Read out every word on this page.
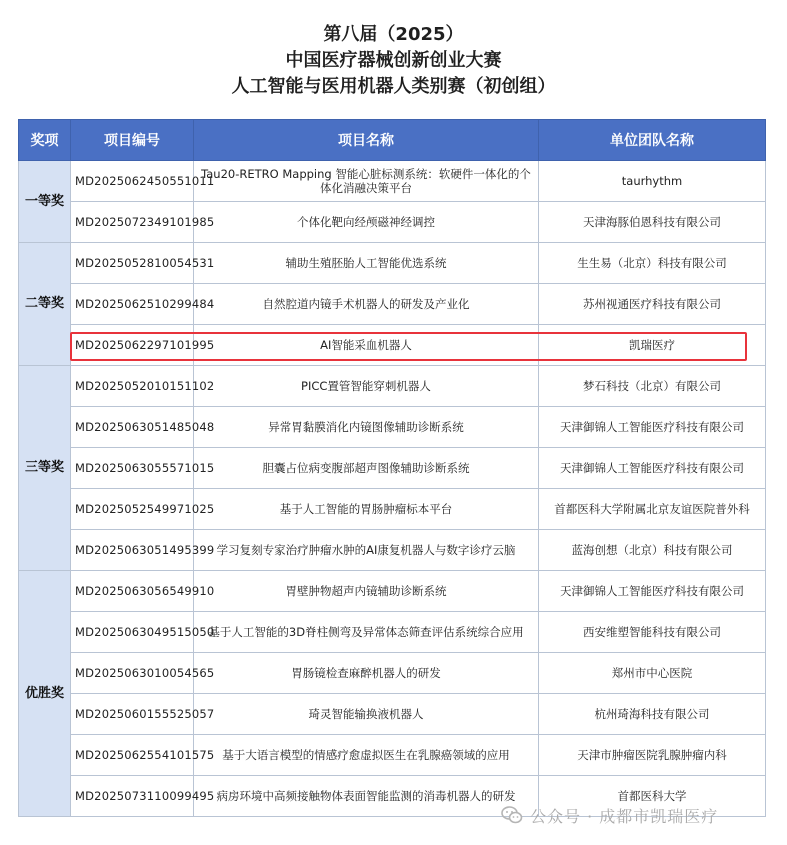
第八届（2025）
中国医疗器械创新创业大赛
人工智能与医用机器人类别赛（初创组）
奖项	项目编号	项目名称	单位团队名称
一等奖	MD2025062450551011	Tau20-RETRO Mapping 智能心脏标测系统：软硬件一体化的个体化消融决策平台	taurhythm
	MD2025072349101985	个体化靶向经颅磁神经调控	天津海豚伯恩科技有限公司
二等奖	MD2025052810054531	辅助生殖胚胎人工智能优选系统	生生易（北京）科技有限公司
	MD2025062510299484	自然腔道内镜手术机器人的研发及产业化	苏州视通医疗科技有限公司
	MD2025062297101995	AI智能采血机器人	凯瑞医疗
三等奖	MD2025052010151102	PICC置管智能穿刺机器人	梦石科技（北京）有限公司
	MD2025063051485048	异常胃黏膜消化内镜图像辅助诊断系统	天津御锦人工智能医疗科技有限公司
	MD2025063055571015	胆囊占位病变腹部超声图像辅助诊断系统	天津御锦人工智能医疗科技有限公司
	MD2025052549971025	基于人工智能的胃肠肿瘤标本平台	首都医科大学附属北京友谊医院普外科
	MD2025063051495399	学习复刻专家治疗肿瘤水肿的AI康复机器人与数字诊疗云脑	蓝海创想（北京）科技有限公司
优胜奖	MD2025063056549910	胃壁肿物超声内镜辅助诊断系统	天津御锦人工智能医疗科技有限公司
	MD2025063049515050	基于人工智能的3D脊柱侧弯及异常体态筛查评估系统综合应用	西安维塑智能科技有限公司
	MD2025063010054565	胃肠镜检查麻醉机器人的研发	郑州市中心医院
	MD2025060155525057	琦灵智能输换液机器人	杭州琦海科技有限公司
	MD2025062554101575	基于大语言模型的情感疗愈虚拟医生在乳腺癌领域的应用	天津市肿瘤医院乳腺肿瘤内科
	MD2025073110099495	病房环境中高频接触物体表面智能监测的消毒机器人的研发	首都医科大学
公众号 · 成都市凯瑞医疗
